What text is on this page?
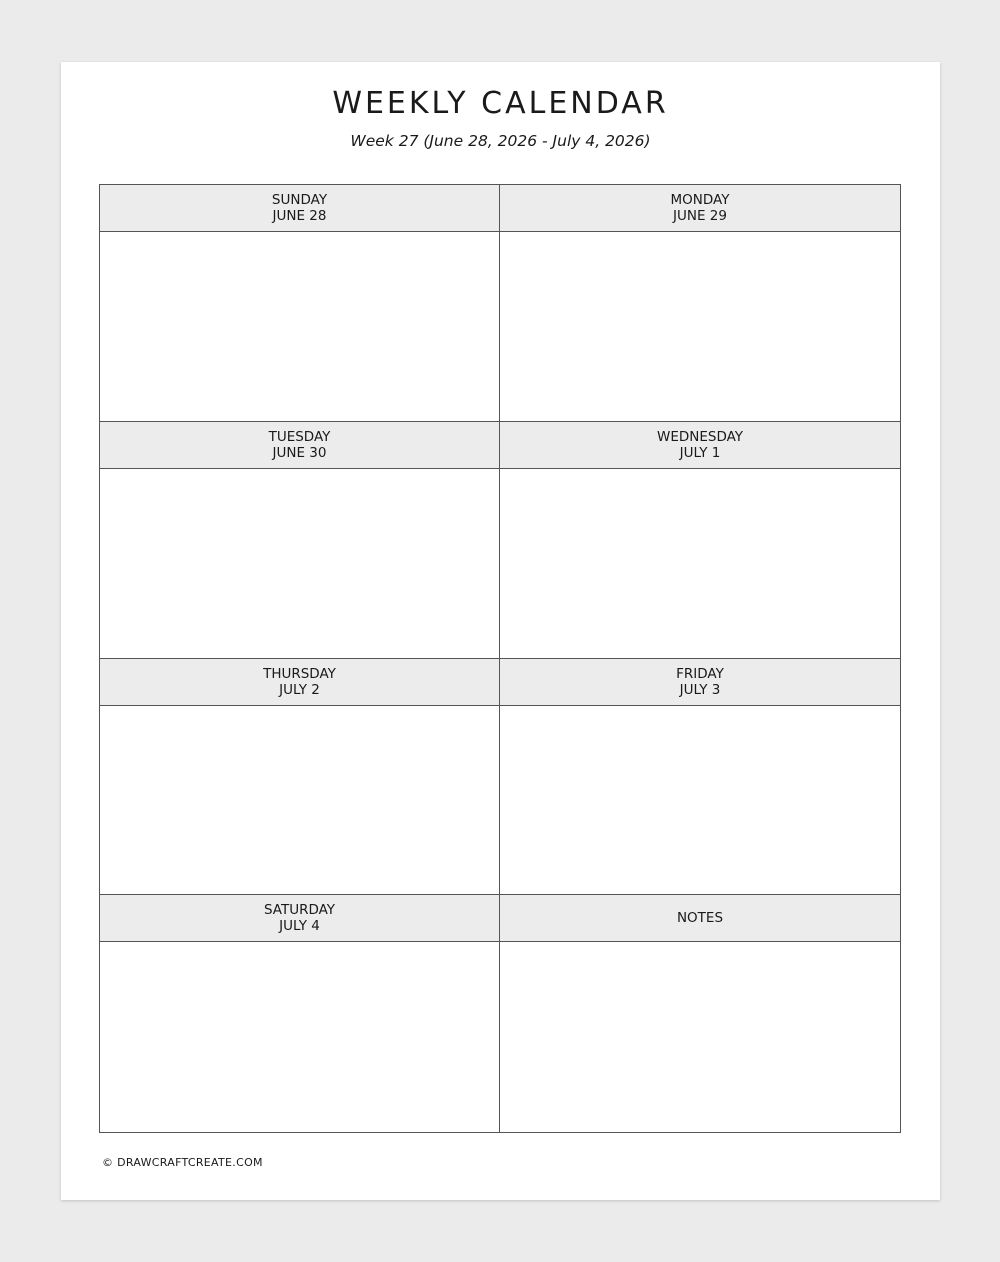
WEEKLY CALENDAR
Week 27 (June 28, 2026 - July 4, 2026)
SUNDAY
JUNE 28
MONDAY
JUNE 29
TUESDAY
JUNE 30
WEDNESDAY
JULY 1
THURSDAY
JULY 2
FRIDAY
JULY 3
SATURDAY
JULY 4	NOTES
© DRAWCRAFTCREATE.COM
